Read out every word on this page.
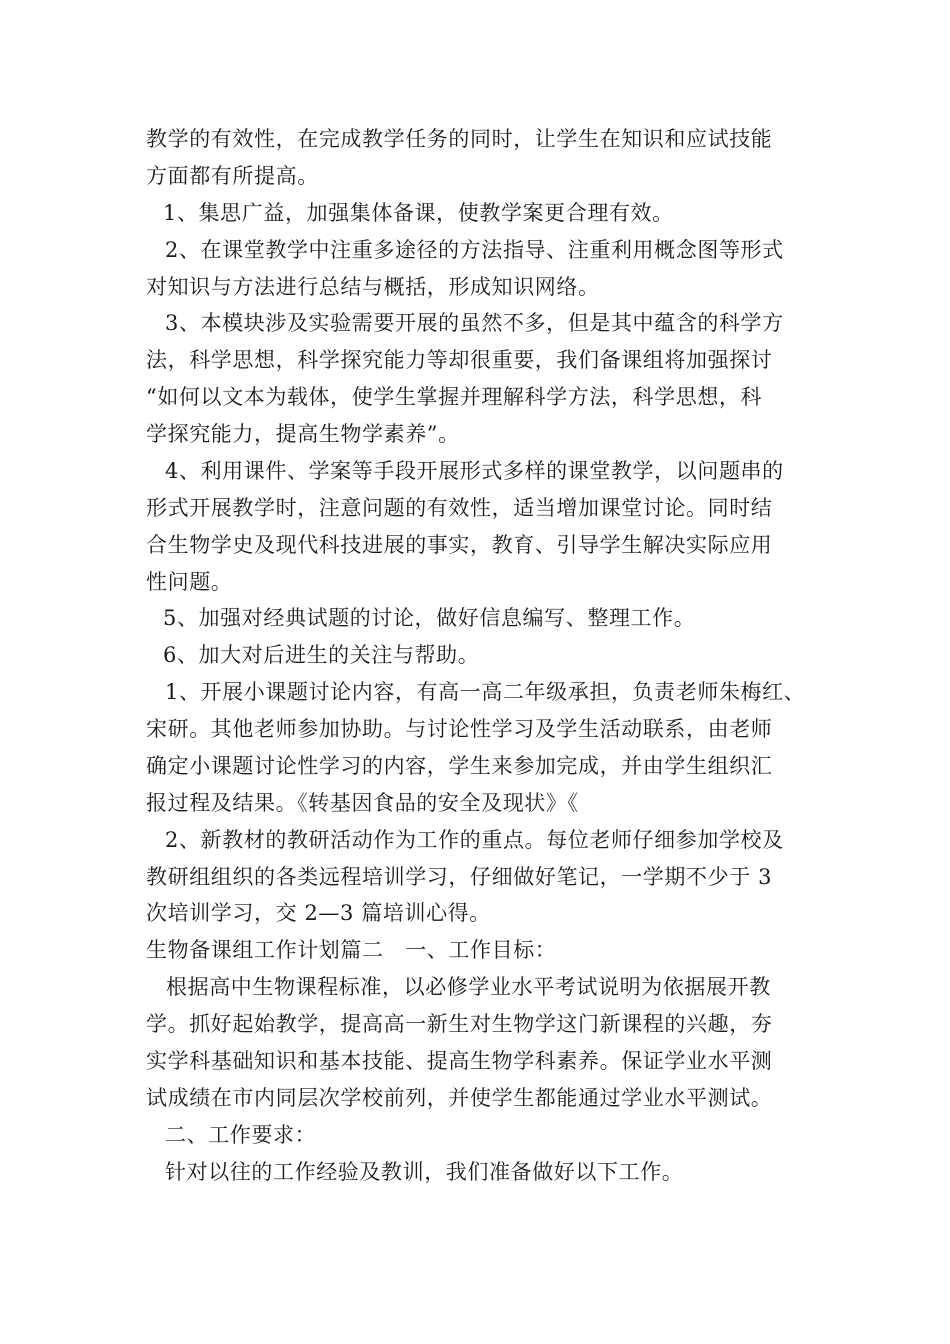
教学的有效性，在完成教学任务的同时，让学生在知识和应试技能
方面都有所提高。
1、集思广益，加强集体备课，使教学案更合理有效。
2、在课堂教学中注重多途径的方法指导、注重利用概念图等形式
对知识与方法进行总结与概括，形成知识网络。
3、本模块涉及实验需要开展的虽然不多，但是其中蕴含的科学方
法，科学思想，科学探究能力等却很重要，我们备课组将加强探讨
“如何以文本为载体，使学生掌握并理解科学方法，科学思想，科
学探究能力，提高生物学素养”。
4、利用课件、学案等手段开展形式多样的课堂教学，以问题串的
形式开展教学时，注意问题的有效性，适当增加课堂讨论。同时结
合生物学史及现代科技进展的事实，教育、引导学生解决实际应用
性问题。
5、加强对经典试题的讨论，做好信息编写、整理工作。
6、加大对后进生的关注与帮助。
1、开展小课题讨论内容，有高一高二年级承担，负责老师朱梅红、
宋研。其他老师参加协助。与讨论性学习及学生活动联系，由老师
确定小课题讨论性学习的内容，学生来参加完成，并由学生组织汇
报过程及结果。《转基因食品的安全及现状》《
2、新教材的教研活动作为工作的重点。每位老师仔细参加学校及
教研组组织的各类远程培训学习，仔细做好笔记，一学期不少于 3
次培训学习，交 2—3 篇培训心得。
生物备课组工作计划篇二　一、工作目标：
根据高中生物课程标准，以必修学业水平考试说明为依据展开教
学。抓好起始教学，提高高一新生对生物学这门新课程的兴趣，夯
实学科基础知识和基本技能、提高生物学科素养。保证学业水平测
试成绩在市内同层次学校前列，并使学生都能通过学业水平测试。
二、工作要求：
针对以往的工作经验及教训，我们准备做好以下工作。
